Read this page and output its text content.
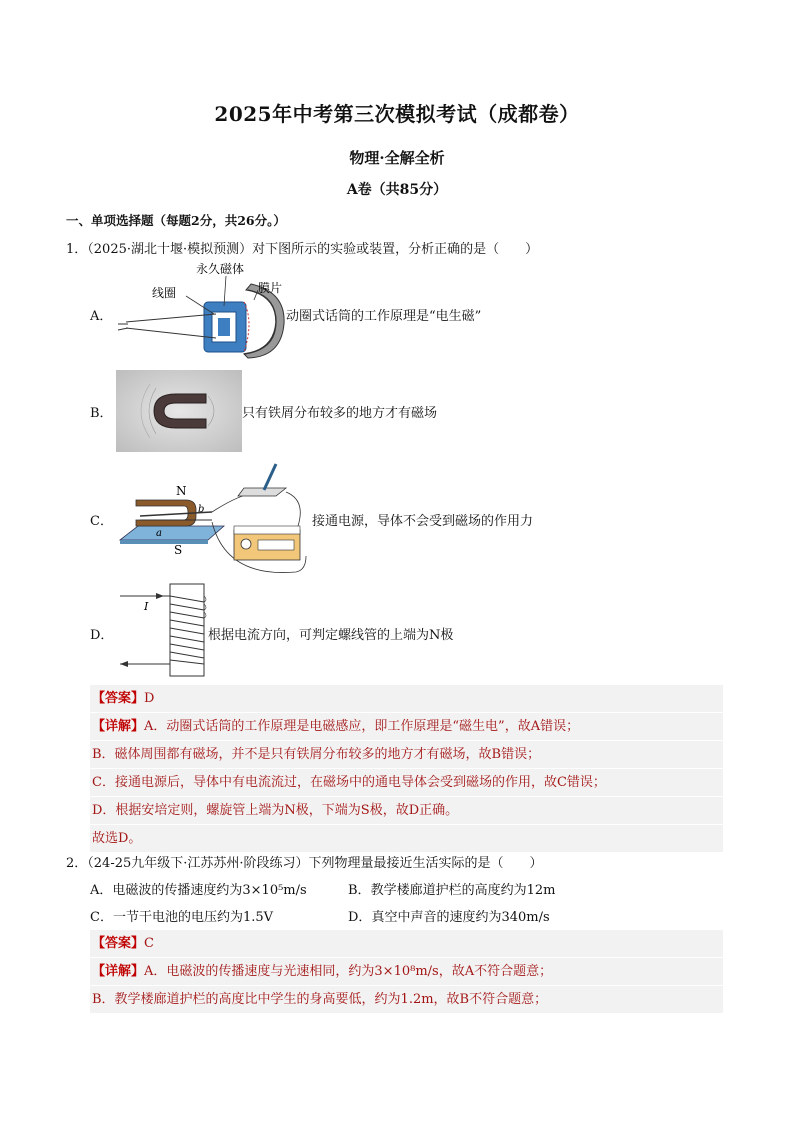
2025年中考第三次模拟考试（成都卷）
物理·全解全析
A卷（共85分）
一、单项选择题（每题2分，共26分。）
1．（2025·湖北十堰·模拟预测）对下图所示的实验或装置，分析正确的是（　　）
A．
永久磁体
线圈	膜片
动圈式话筒的工作原理是“电生磁”
B．	只有铁屑分布较多的地方才有磁场
C．
N
S
a
b
接通电源，导体不会受到磁场的作用力
D．
I
根据电流方向，可判定螺线管的上端为N极
【答案】D
【详解】A．动圈式话筒的工作原理是电磁感应，即工作原理是“磁生电”，故A错误；
B．磁体周围都有磁场，并不是只有铁屑分布较多的地方才有磁场，故B错误；
C．接通电源后，导体中有电流流过，在磁场中的通电导体会受到磁场的作用，故C错误；
D．根据安培定则，螺旋管上端为N极，下端为S极，故D正确。
故选D。
2．（24-25九年级下·江苏苏州·阶段练习）下列物理量最接近生活实际的是（　　）
A．电磁波的传播速度约为3×10⁵m/s	B．教学楼廊道护栏的高度约为12m
C．一节干电池的电压约为1.5V	D．真空中声音的速度约为340m/s
【答案】C
【详解】A．电磁波的传播速度与光速相同，约为3×10⁸m/s，故A不符合题意；
B．教学楼廊道护栏的高度比中学生的身高要低，约为1.2m，故B不符合题意；
